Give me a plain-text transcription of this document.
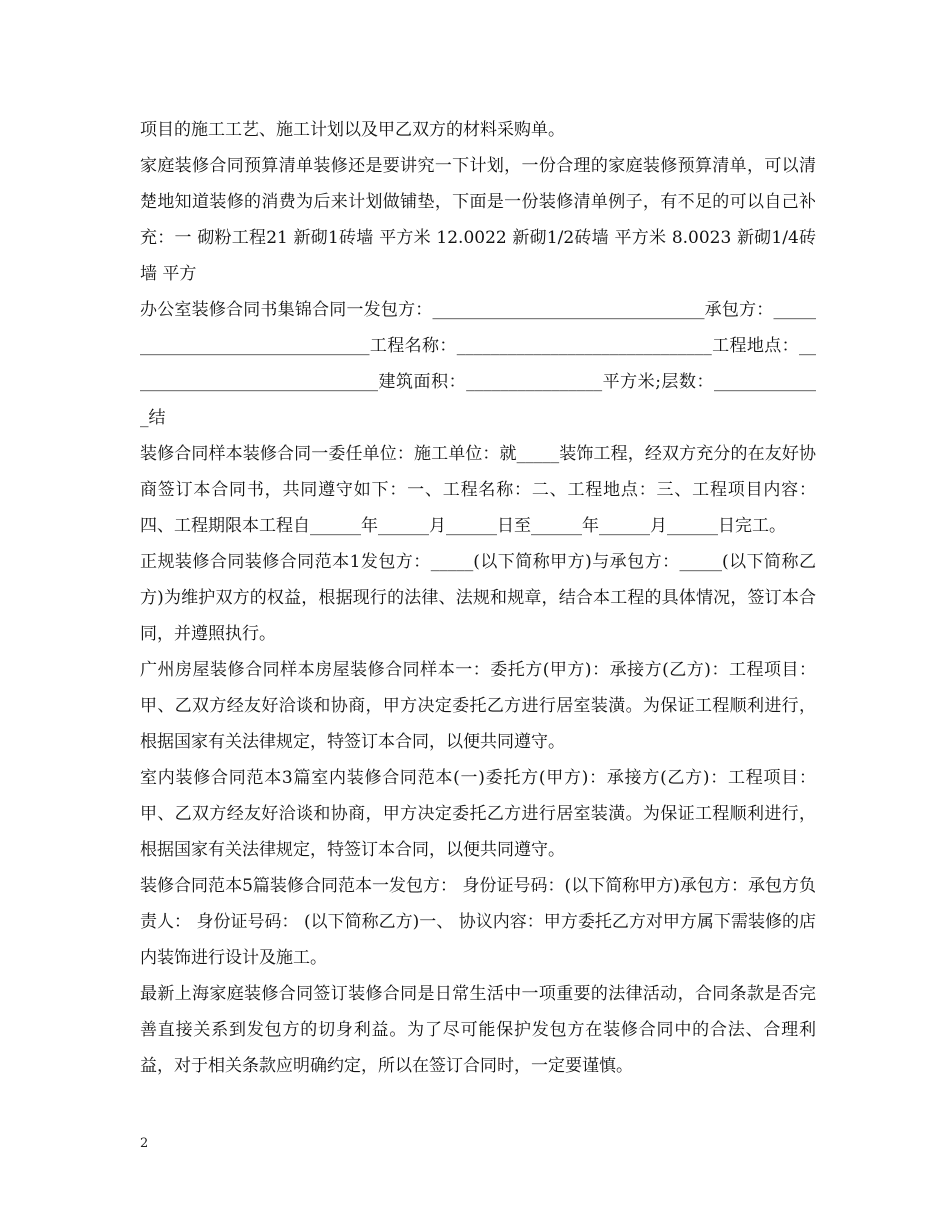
项目的施工工艺、施工计划以及甲乙双方的材料采购单。

家庭装修合同预算清单装修还是要讲究一下计划，一份合理的家庭装修预算清单，可以清楚地知道装修的消费为后来计划做铺垫，下面是一份装修清单例子，有不足的可以自己补充：一 砌粉工程21 新砌1砖墙 平方米 12.0022 新砌1/2砖墙 平方米 8.0023 新砌1/4砖墙 平方

办公室装修合同书集锦合同一发包方：________________________________承包方：________________________________工程名称：______________________________工程地点：______________________________建筑面积：________________平方米;层数：_____________结

装修合同样本装修合同一委任单位：施工单位：就_____装饰工程，经双方充分的在友好协商签订本合同书，共同遵守如下：一、工程名称：二、工程地点：三、工程项目内容：四、工程期限本工程自______年______月______日至______年______月______日完工。

正规装修合同装修合同范本1发包方：_____(以下简称甲方)与承包方：_____(以下简称乙方)为维护双方的权益，根据现行的法律、法规和规章，结合本工程的具体情况，签订本合同，并遵照执行。

广州房屋装修合同样本房屋装修合同样本一：委托方(甲方)：承接方(乙方)：工程项目：甲、乙双方经友好洽谈和协商，甲方决定委托乙方进行居室装潢。为保证工程顺利进行，根据国家有关法律规定，特签订本合同，以便共同遵守。

室内装修合同范本3篇室内装修合同范本(一)委托方(甲方)：承接方(乙方)：工程项目：甲、乙双方经友好洽谈和协商，甲方决定委托乙方进行居室装潢。为保证工程顺利进行，根据国家有关法律规定，特签订本合同，以便共同遵守。

装修合同范本5篇装修合同范本一发包方： 身份证号码：(以下简称甲方)承包方：承包方负责人： 身份证号码： (以下简称乙方)一、 协议内容：甲方委托乙方对甲方属下需装修的店内装饰进行设计及施工。

最新上海家庭装修合同签订装修合同是日常生活中一项重要的法律活动，合同条款是否完善直接关系到发包方的切身利益。为了尽可能保护发包方在装修合同中的合法、合理利益，对于相关条款应明确约定，所以在签订合同时，一定要谨慎。

2
